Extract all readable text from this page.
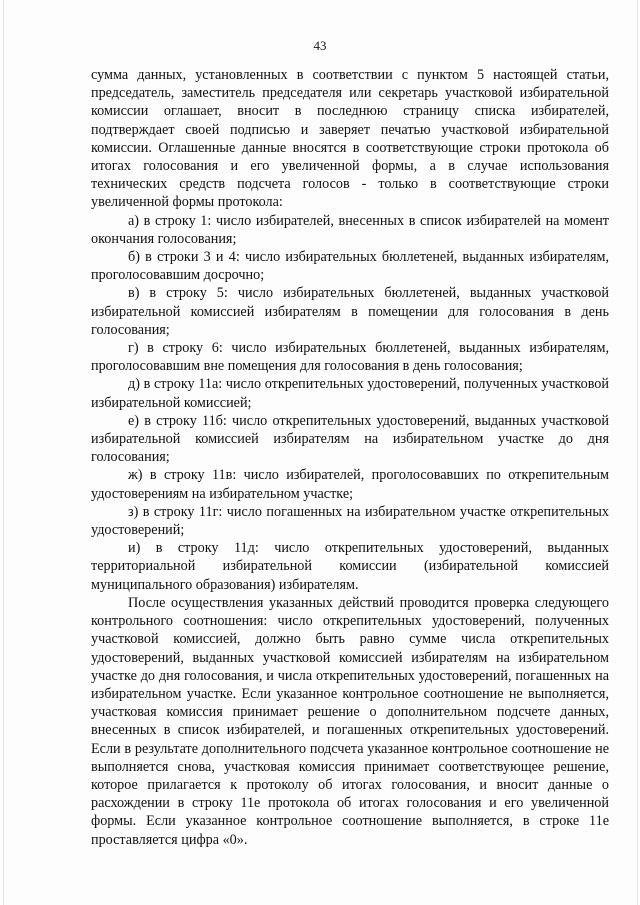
43

сумма данных, установленных в соответствии с пунктом 5 настоящей статьи, председатель, заместитель председателя или секретарь участковой избирательной комиссии оглашает, вносит в последнюю страницу списка избирателей, подтверждает своей подписью и заверяет печатью участковой избирательной комиссии. Оглашенные данные вносятся в соответствующие строки протокола об итогах голосования и его увеличенной формы, а в случае использования технических средств подсчета голосов - только в соответствующие строки увеличенной формы протокола:

а) в строку 1: число избирателей, внесенных в список избирателей на момент окончания голосования;

б) в строки 3 и 4: число избирательных бюллетеней, выданных избирателям, проголосовавшим досрочно;

в) в строку 5: число избирательных бюллетеней, выданных участковой избирательной комиссией избирателям в помещении для голосования в день голосования;

г) в строку 6: число избирательных бюллетеней, выданных избирателям, проголосовавшим вне помещения для голосования в день голосования;

д) в строку 11а: число открепительных удостоверений, полученных участковой избирательной комиссией;

е) в строку 11б: число открепительных удостоверений, выданных участковой избирательной комиссией избирателям на избирательном участке до дня голосования;

ж) в строку 11в: число избирателей, проголосовавших по открепительным удостоверениям на избирательном участке;

з) в строку 11г: число погашенных на избирательном участке открепительных удостоверений;

и) в строку 11д: число открепительных удостоверений, выданных территориальной избирательной комиссии (избирательной комиссией муниципального образования) избирателям.

После осуществления указанных действий проводится проверка следующего контрольного соотношения: число открепительных удостоверений, полученных участковой комиссией, должно быть равно сумме числа открепительных удостоверений, выданных участковой комиссией избирателям на избирательном участке до дня голосования, и числа открепительных удостоверений, погашенных на избирательном участке. Если указанное контрольное соотношение не выполняется, участковая комиссия принимает решение о дополнительном подсчете данных, внесенных в список избирателей, и погашенных открепительных удостоверений. Если в результате дополнительного подсчета указанное контрольное соотношение не выполняется снова, участковая комиссия принимает соответствующее решение, которое прилагается к протоколу об итогах голосования, и вносит данные о расхождении в строку 11е протокола об итогах голосования и его увеличенной формы. Если указанное контрольное соотношение выполняется, в строке 11е проставляется цифра «0».
